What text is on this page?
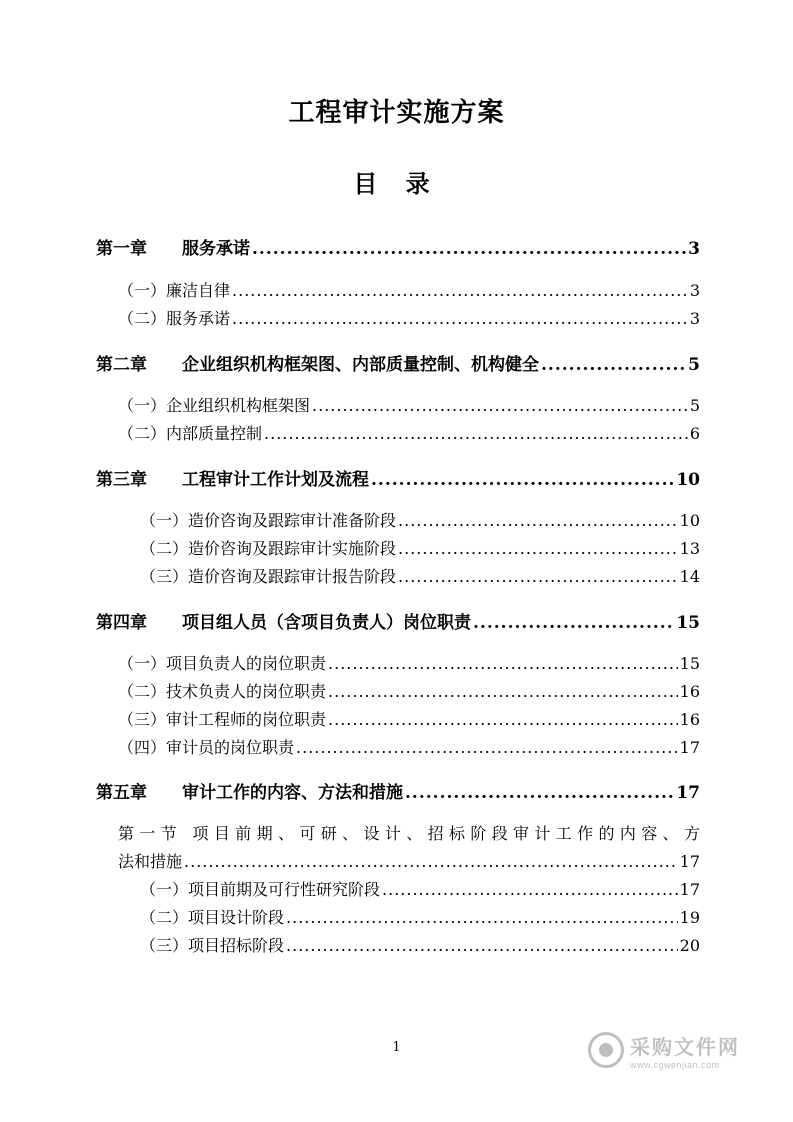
工程审计实施方案
目 录
第一章 服务承诺 .....	3
（一）廉洁自律 .....	3
（二）服务承诺 .....	3
第二章 企业组织机构框架图、内部质量控制、机构健全 .....	5
（一）企业组织机构框架图 .....	5
（二）内部质量控制 .....	6
第三章 工程审计工作计划及流程 .....	10
（一）造价咨询及跟踪审计准备阶段 .....	10
（二）造价咨询及跟踪审计实施阶段 .....	13
（三）造价咨询及跟踪审计报告阶段 .....	14
第四章 项目组人员（含项目负责人）岗位职责 .....	15
（一）项目负责人的岗位职责 .....	15
（二）技术负责人的岗位职责 .....	16
（三）审计工程师的岗位职责 .....	16
（四）审计员的岗位职责 .....	17
第五章 审计工作的内容、方法和措施 .....	17
第一节 项目前期、可研、设计、招标阶段审计工作的内容、方
法和措施 .....	17
（一）项目前期及可行性研究阶段 .....	17
（二）项目设计阶段 .....	19
（三）项目招标阶段 .....	20
1	采购文件网
www.cgwenjian.com
